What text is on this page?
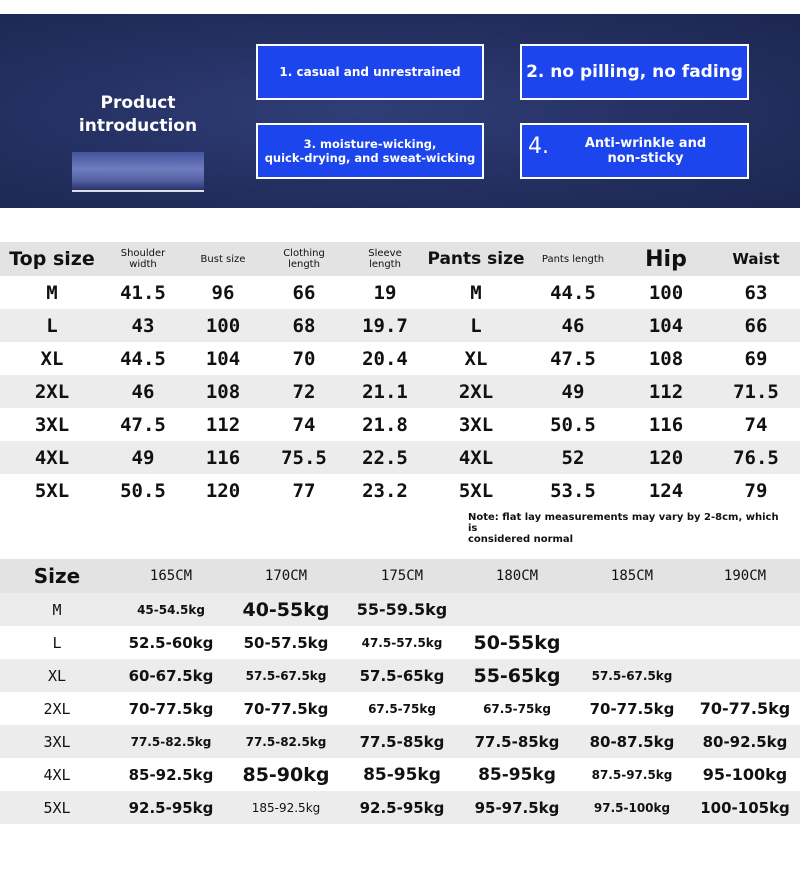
Product
introduction
1. casual and unrestrained	2. no pilling, no fading
3. moisture-wicking,
quick-drying, and sweat-wicking 4.	Anti-wrinkle and
non-sticky
Top size	Shoulder
width	Bust size	Clothing
length	Sleeve
length	Pants size	Pants length	Hip	Waist
M	41.5	96	66	19	M	44.5	100	63
L	43	100	68	19.7	L	46	104	66
XL	44.5	104	70	20.4	XL	47.5	108	69
2XL	46	108	72	21.1	2XL	49	112	71.5
3XL	47.5	112	74	21.8	3XL	50.5	116	74
4XL	49	116	75.5	22.5	4XL	52	120	76.5
5XL	50.5	120	77	23.2	5XL	53.5	124	79
Note: flat lay measurements may vary by 2-8cm, which is
considered normal
Size	165CM	170CM	175CM	180CM	185CM	190CM
M	45-54.5kg	40-55kg	55-59.5kg			
L	52.5-60kg	50-57.5kg	47.5-57.5kg	50-55kg		
XL	60-67.5kg	57.5-67.5kg	57.5-65kg	55-65kg	57.5-67.5kg	
2XL	70-77.5kg	70-77.5kg	67.5-75kg	67.5-75kg	70-77.5kg	70-77.5kg
3XL	77.5-82.5kg	77.5-82.5kg	77.5-85kg	77.5-85kg	80-87.5kg	80-92.5kg
4XL	85-92.5kg	85-90kg	85-95kg	85-95kg	87.5-97.5kg	95-100kg
5XL	92.5-95kg	185-92.5kg	92.5-95kg	95-97.5kg	97.5-100kg	100-105kg
